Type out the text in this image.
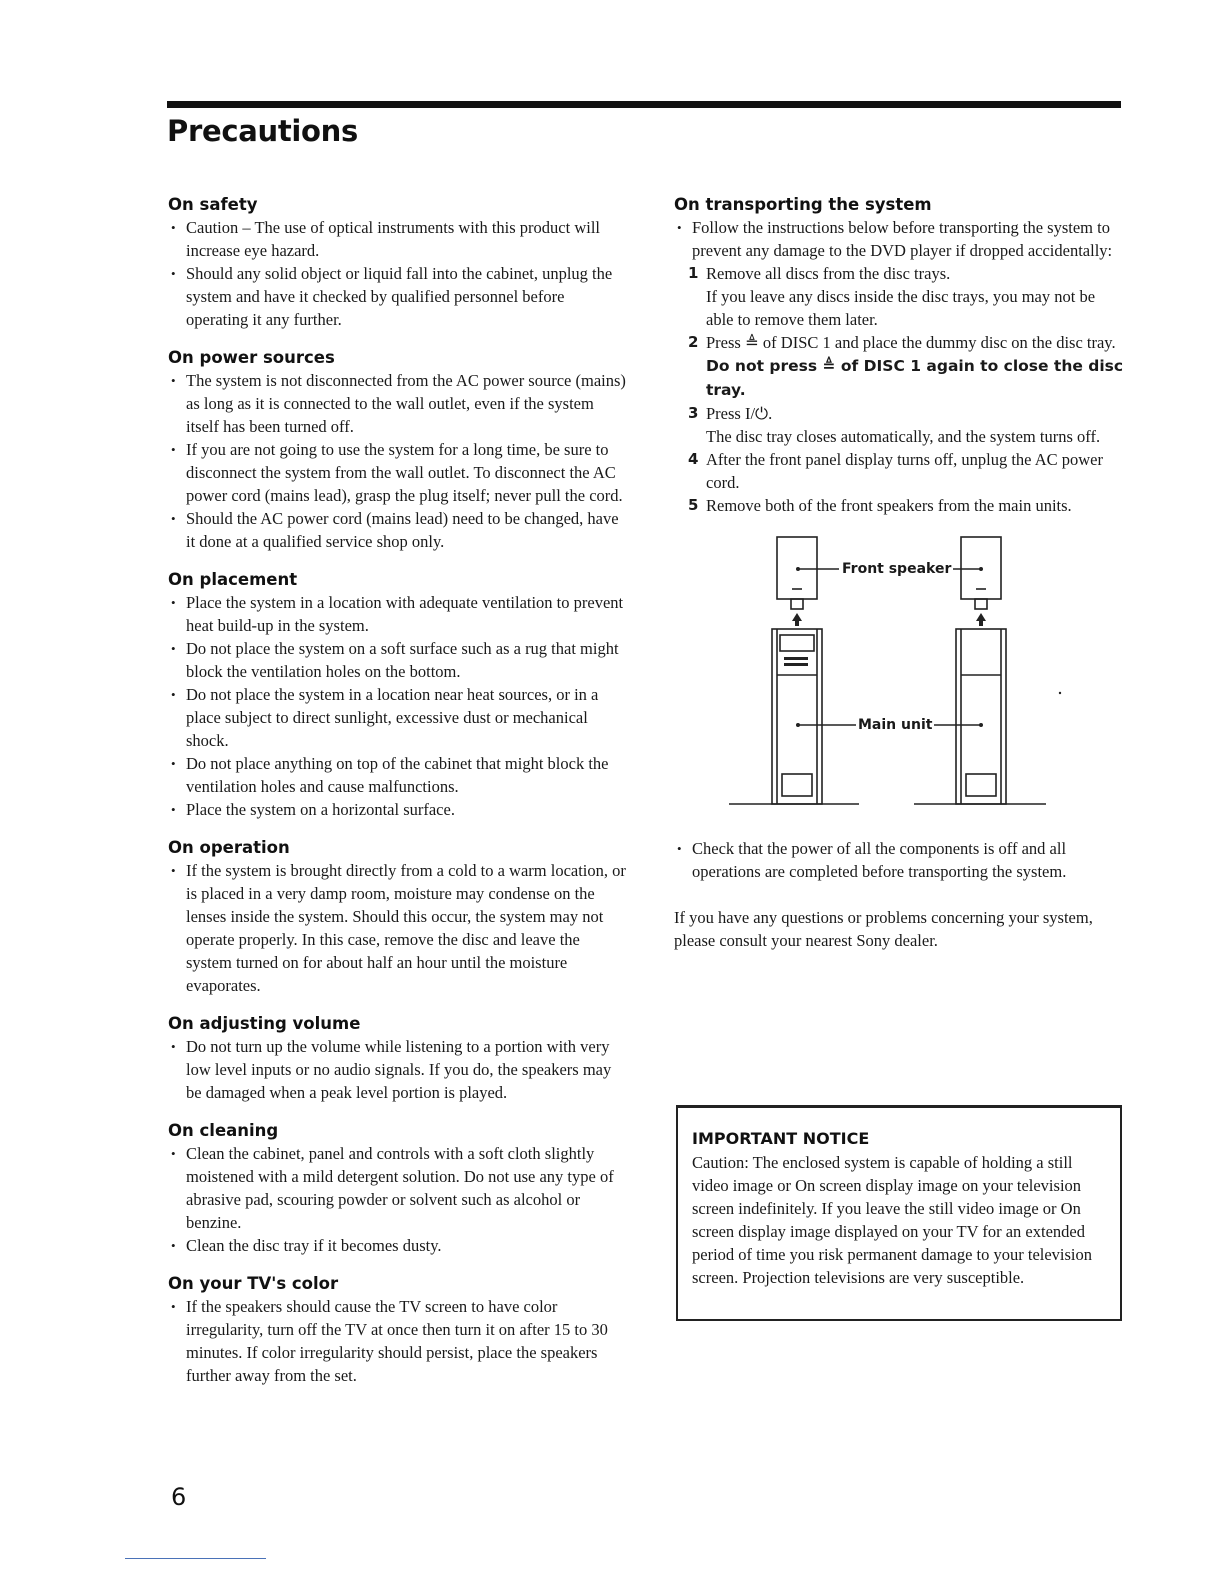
Precautions

On safety

• Caution – The use of optical instruments with this product will increase eye hazard.
• Should any solid object or liquid fall into the cabinet, unplug the system and have it checked by qualified personnel before operating it any further.

On power sources

• The system is not disconnected from the AC power source (mains) as long as it is connected to the wall outlet, even if the system itself has been turned off.
• If you are not going to use the system for a long time, be sure to disconnect the system from the wall outlet. To disconnect the AC power cord (mains lead), grasp the plug itself; never pull the cord.
• Should the AC power cord (mains lead) need to be changed, have it done at a qualified service shop only.

On placement

• Place the system in a location with adequate ventilation to prevent heat build-up in the system.
• Do not place the system on a soft surface such as a rug that might block the ventilation holes on the bottom.
• Do not place the system in a location near heat sources, or in a place subject to direct sunlight, excessive dust or mechanical shock.
• Do not place anything on top of the cabinet that might block the ventilation holes and cause malfunctions.
• Place the system on a horizontal surface.

On operation

• If the system is brought directly from a cold to a warm location, or is placed in a very damp room, moisture may condense on the lenses inside the system. Should this occur, the system may not operate properly. In this case, remove the disc and leave the system turned on for about half an hour until the moisture evaporates.

On adjusting volume

• Do not turn up the volume while listening to a portion with very low level inputs or no audio signals. If you do, the speakers may be damaged when a peak level portion is played.

On cleaning

• Clean the cabinet, panel and controls with a soft cloth slightly moistened with a mild detergent solution. Do not use any type of abrasive pad, scouring powder or solvent such as alcohol or benzine.
• Clean the disc tray if it becomes dusty.

On your TV's color

• If the speakers should cause the TV screen to have color irregularity, turn off the TV at once then turn it on after 15 to 30 minutes. If color irregularity should persist, place the speakers further away from the set.

On transporting the system

• Follow the instructions below before transporting the system to prevent any damage to the DVD player if dropped accidentally:
1 Remove all discs from the disc trays.
If you leave any discs inside the disc trays, you may not be able to remove them later.
2 Press ≜ of DISC 1 and place the dummy disc on the disc tray. Do not press ≜ of DISC 1 again to close the disc tray.
3 Press I/⏻.
The disc tray closes automatically, and the system turns off.
4 After the front panel display turns off, unplug the AC power cord.
5 Remove both of the front speakers from the main units.
Front speaker
Main unit
• Check that the power of all the components is off and all operations are completed before transporting the system.

If you have any questions or problems concerning your system, please consult your nearest Sony dealer.

IMPORTANT NOTICE

Caution: The enclosed system is capable of holding a still video image or On screen display image on your television screen indefinitely. If you leave the still video image or On screen display image displayed on your TV for an extended period of time you risk permanent damage to your television screen. Projection televisions are very susceptible.

6
